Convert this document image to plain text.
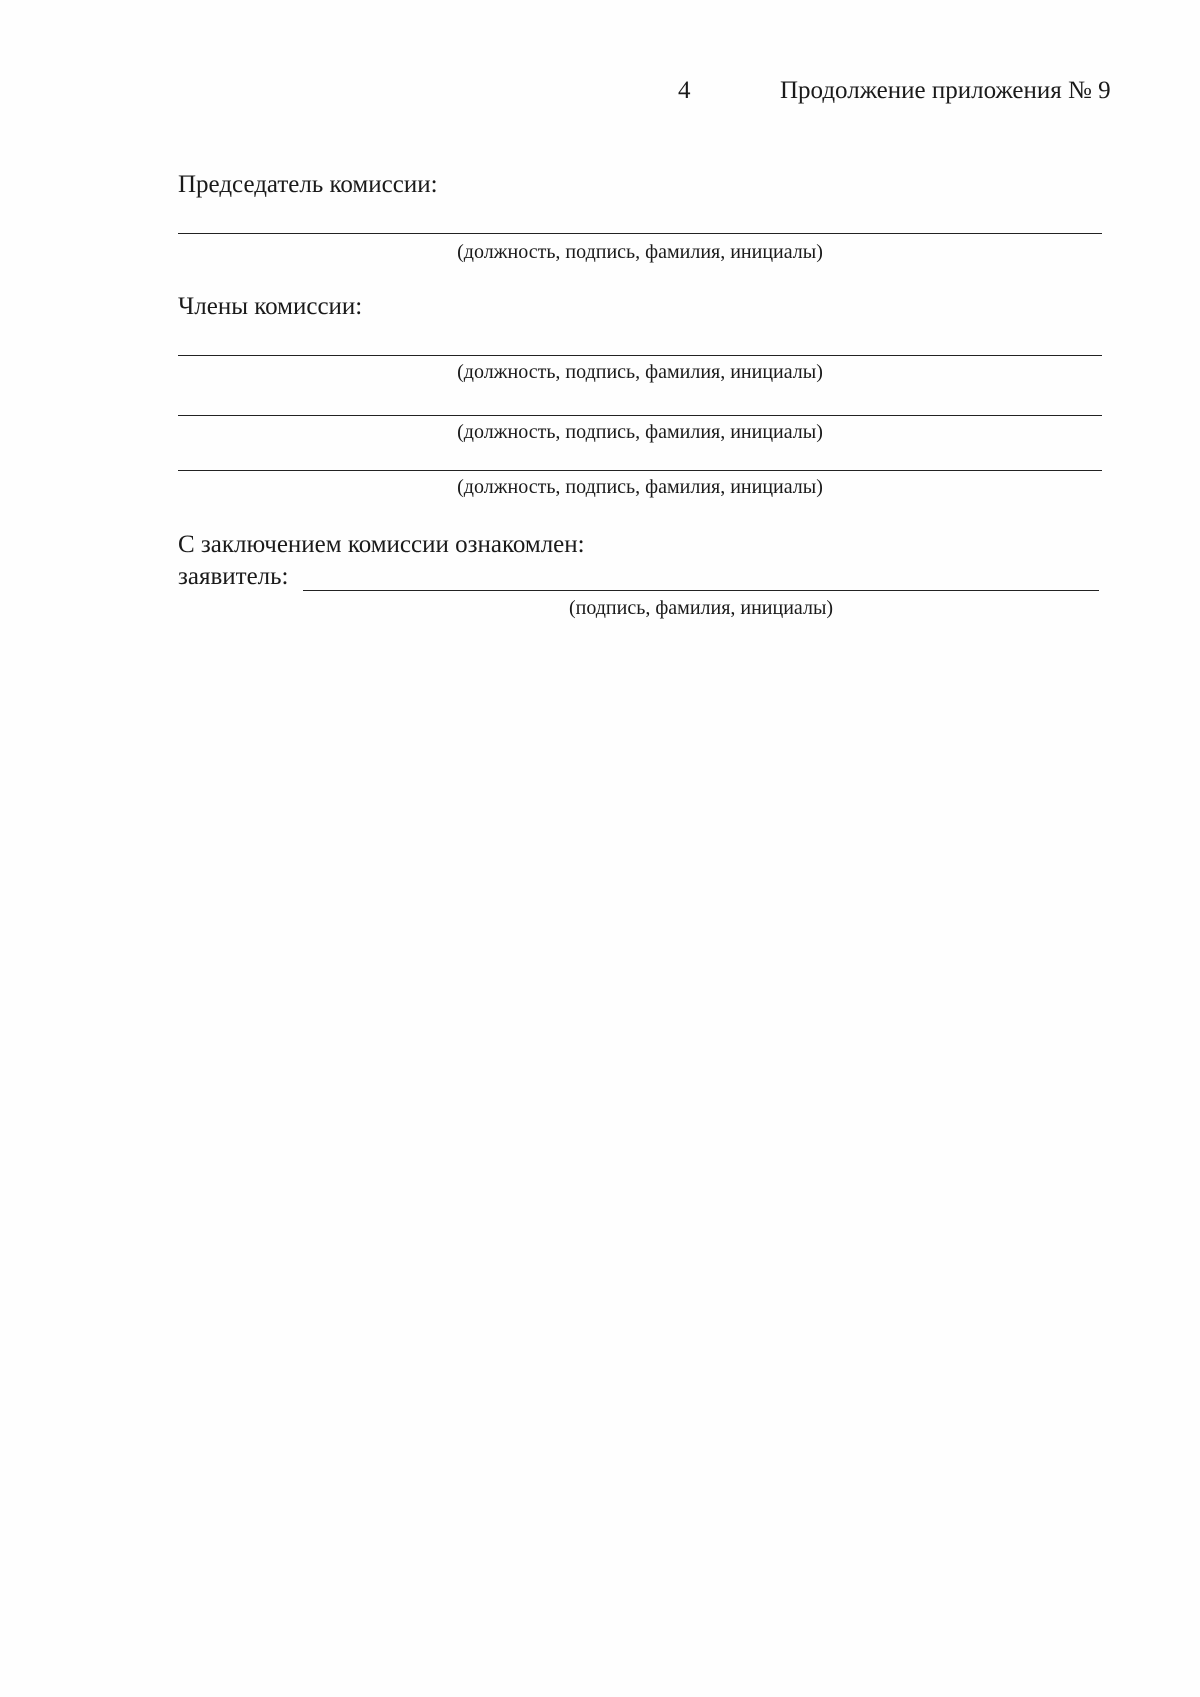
4	Продолжение приложения № 9
Председатель комиссии:
(должность, подпись, фамилия, инициалы)
Члены комиссии:
(должность, подпись, фамилия, инициалы)
(должность, подпись, фамилия, инициалы)
(должность, подпись, фамилия, инициалы)
С заключением комиссии ознакомлен:
заявитель:
(подпись, фамилия, инициалы)
